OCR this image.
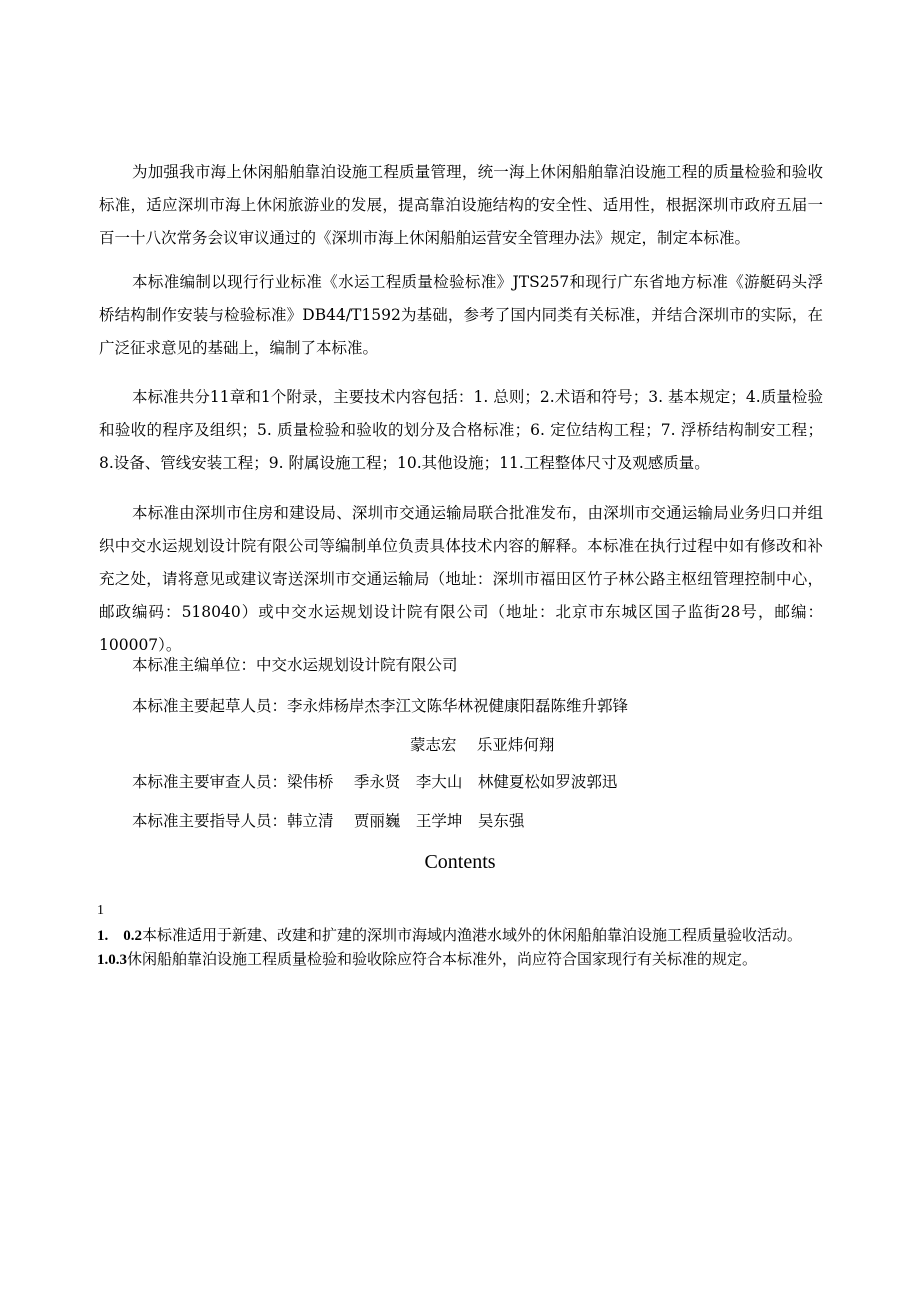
为加强我市海上休闲船舶靠泊设施工程质量管理，统一海上休闲船舶靠泊设施工程的质量检验和验收标准，适应深圳市海上休闲旅游业的发展，提高靠泊设施结构的安全性、适用性，根据深圳市政府五届一百一十八次常务会议审议通过的《深圳市海上休闲船舶运营安全管理办法》规定，制定本标准。

本标准编制以现行行业标准《水运工程质量检验标准》JTS257和现行广东省地方标准《游艇码头浮桥结构制作安装与检验标准》DB44/T1592为基础，参考了国内同类有关标准，并结合深圳市的实际，在广泛征求意见的基础上，编制了本标准。

本标准共分11章和1个附录，主要技术内容包括：1. 总则；2.术语和符号；3. 基本规定；4.质量检验和验收的程序及组织；5. 质量检验和验收的划分及合格标准；6. 定位结构工程；7. 浮桥结构制安工程；8.设备、管线安装工程；9. 附属设施工程；10.其他设施；11.工程整体尺寸及观感质量。

本标准由深圳市住房和建设局、深圳市交通运输局联合批准发布，由深圳市交通运输局业务归口并组织中交水运规划设计院有限公司等编制单位负责具体技术内容的解释。本标准在执行过程中如有修改和补充之处，请将意见或建议寄送深圳市交通运输局（地址：深圳市福田区竹子林公路主枢纽管理控制中心，邮政编码：518040）或中交水运规划设计院有限公司（地址：北京市东城区国子监街28号，邮编：100007）。

本标准主编单位：中交水运规划设计院有限公司
本标准主要起草人员：李永炜杨岸杰李江文陈华林祝健康阳磊陈维升郭锋
蒙志宏　 乐亚炜何翔
本标准主要审查人员：梁伟桥　 季永贤　李大山　林健夏松如罗波郭迅
本标准主要指导人员：韩立清　 贾丽巍　王学坤　吴东强
Contents
1
1.　0.2本标准适用于新建、改建和扩建的深圳市海域内渔港水域外的休闲船舶靠泊设施工程质量验收活动。
1.0.3休闲船舶靠泊设施工程质量检验和验收除应符合本标准外，尚应符合国家现行有关标准的规定。
